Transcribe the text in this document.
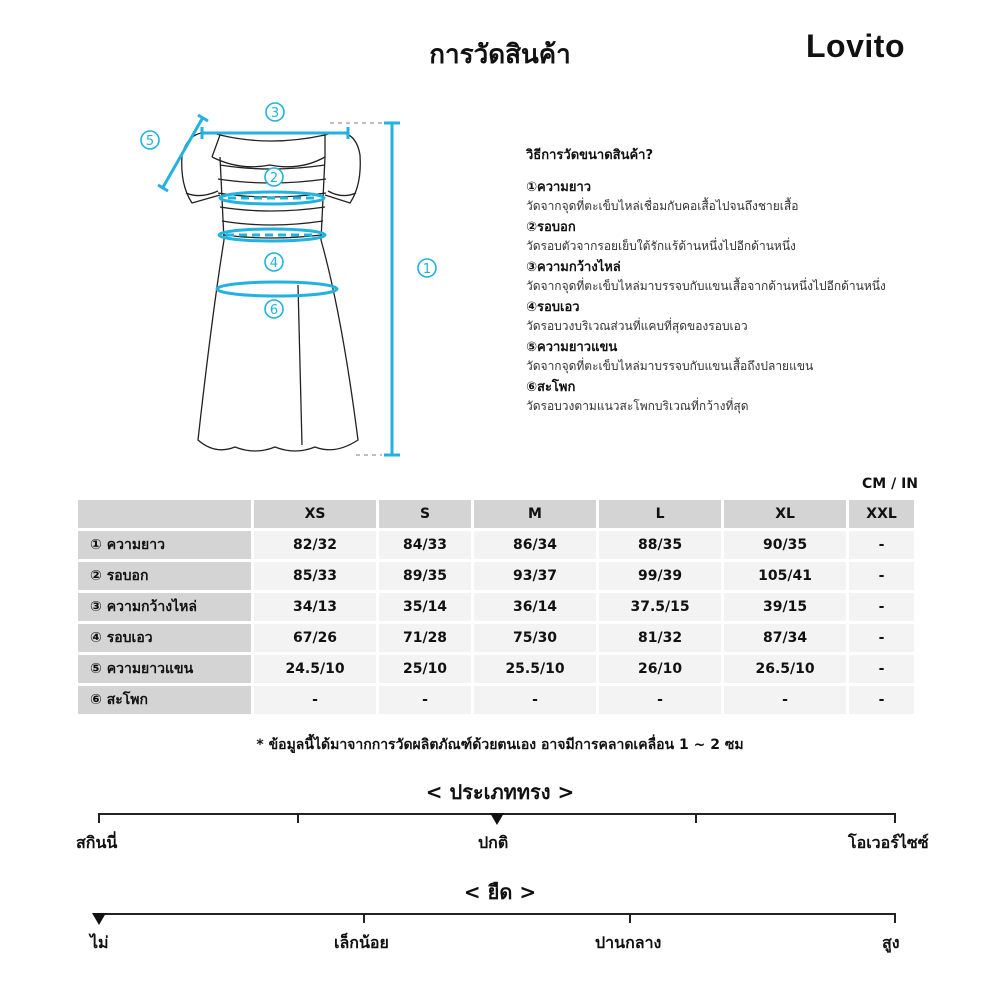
การวัดสินค้า	Lovito
1
2
3
4
5
6
วิธีการวัดขนาดสินค้า?
①ความยาว
วัดจากจุดที่ตะเข็บไหล่เชื่อมกับคอเสื้อไปจนถึงชายเสื้อ
②รอบอก
วัดรอบตัวจากรอยเย็บใต้รักแร้ด้านหนึ่งไปอีกด้านหนึ่ง
③ความกว้างไหล่
วัดจากจุดที่ตะเข็บไหล่มาบรรจบกับแขนเสื้อจากด้านหนึ่งไปอีกด้านหนึ่ง
④รอบเอว
วัดรอบวงบริเวณส่วนที่แคบที่สุดของรอบเอว
⑤ความยาวแขน
วัดจากจุดที่ตะเข็บไหล่มาบรรจบกับแขนเสื้อถึงปลายแขน
⑥สะโพก
วัดรอบวงตามแนวสะโพกบริเวณที่กว้างที่สุด
CM / IN
	XS	S	M	L	XL	XXL
① ความยาว	82/32	84/33	86/34	88/35	90/35	-
② รอบอก	85/33	89/35	93/37	99/39	105/41	-
③ ความกว้างไหล่	34/13	35/14	36/14	37.5/15	39/15	-
④ รอบเอว	67/26	71/28	75/30	81/32	87/34	-
⑤ ความยาวแขน	24.5/10	25/10	25.5/10	26/10	26.5/10	-
⑥ สะโพก	-	-	-	-	-	-
* ข้อมูลนี้ได้มาจากการวัดผลิตภัณฑ์ด้วยตนเอง อาจมีการคลาดเคลื่อน 1 ~ 2 ซม
< ประเภททรง >
สกินนี่	ปกติ	โอเวอร์ไซซ์
< ยืด >
ไม่	เล็กน้อย	ปานกลาง	สูง
